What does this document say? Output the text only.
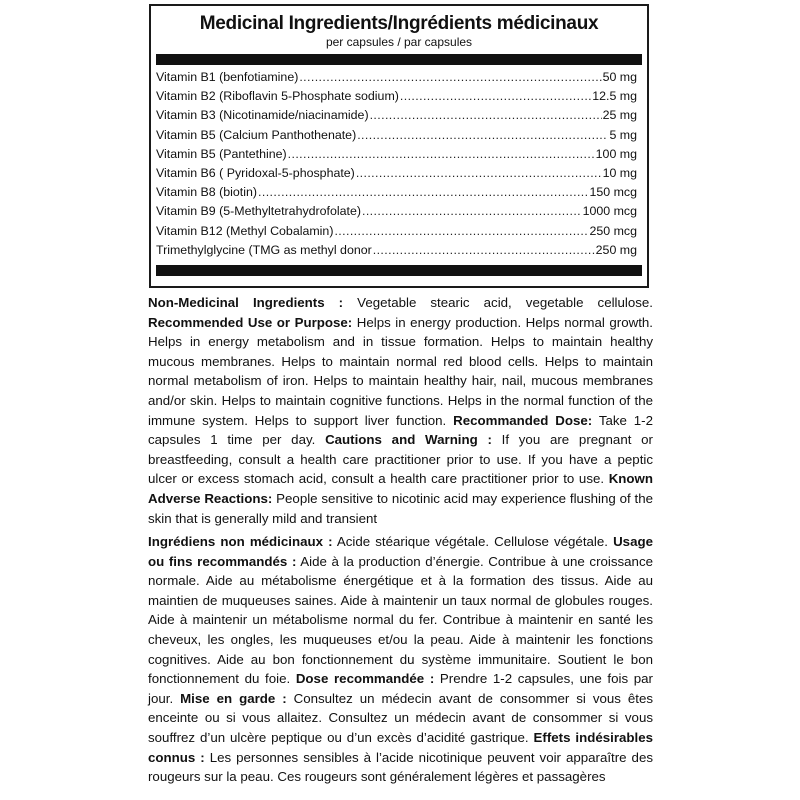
Medicinal Ingredients/Ingrédients médicinaux
per capsules / par capsules
Vitamin B1 (benfotiamine) .....	50 mg
Vitamin B2 (Riboflavin 5-Phosphate sodium) .....	12.5 mg
Vitamin B3 (Nicotinamide/niacinamide) .....	25 mg
Vitamin B5 (Calcium Panthothenate) .....	5 mg
Vitamin B5 (Pantethine) .....	100 mg
Vitamin B6 ( Pyridoxal-5-phosphate) .....	10 mg
Vitamin B8 (biotin) .....	150 mcg
Vitamin B9 (5-Methyltetrahydrofolate) .....	1000 mcg
Vitamin B12 (Methyl Cobalamin) .....	250 mcg
Trimethylglycine (TMG as methyl donor .....	250 mg

Non-Medicinal Ingredients : Vegetable stearic acid, vegetable cellulose. Recommended Use or Purpose: Helps in energy production. Helps normal growth. Helps in energy metabolism and in tissue formation. Helps to maintain healthy mucous membranes. Helps to maintain normal red blood cells. Helps to maintain normal metabolism of iron. Helps to maintain healthy hair, nail, mucous membranes and/or skin. Helps to maintain cognitive functions. Helps in the normal function of the immune system. Helps to support liver function. Recommanded Dose: Take 1-2 capsules 1 time per day. Cautions and Warning : If you are pregnant or breastfeeding, consult a health care practitioner prior to use. If you have a peptic ulcer or excess stomach acid, consult a health care practitioner prior to use. Known Adverse Reactions: People sensitive to nicotinic acid may experience flushing of the skin that is generally mild and transient

Ingrédiens non médicinaux : Acide stéarique végétale. Cellulose végétale. Usage ou fins recommandés : Aide à la production d’énergie. Contribue à une croissance normale. Aide au métabolisme énergétique et à la formation des tissus. Aide au maintien de muqueuses saines. Aide à maintenir un taux normal de globules rouges. Aide à maintenir un métabolisme normal du fer. Contribue à maintenir en santé les cheveux, les ongles, les muqueuses et/ou la peau. Aide à maintenir les fonctions cognitives. Aide au bon fonctionnement du système immunitaire. Soutient le bon fonctionnement du foie. Dose recommandée : Prendre 1-2 capsules, une fois par jour. Mise en garde : Consultez un médecin avant de consommer si vous êtes enceinte ou si vous allaitez. Consultez un médecin avant de consommer si vous souffrez d’un ulcère peptique ou d’un excès d’acidité gastrique. Effets indésirables connus : Les personnes sensibles à l’acide nicotinique peuvent voir apparaître des rougeurs sur la peau. Ces rougeurs sont généralement légères et passagères
